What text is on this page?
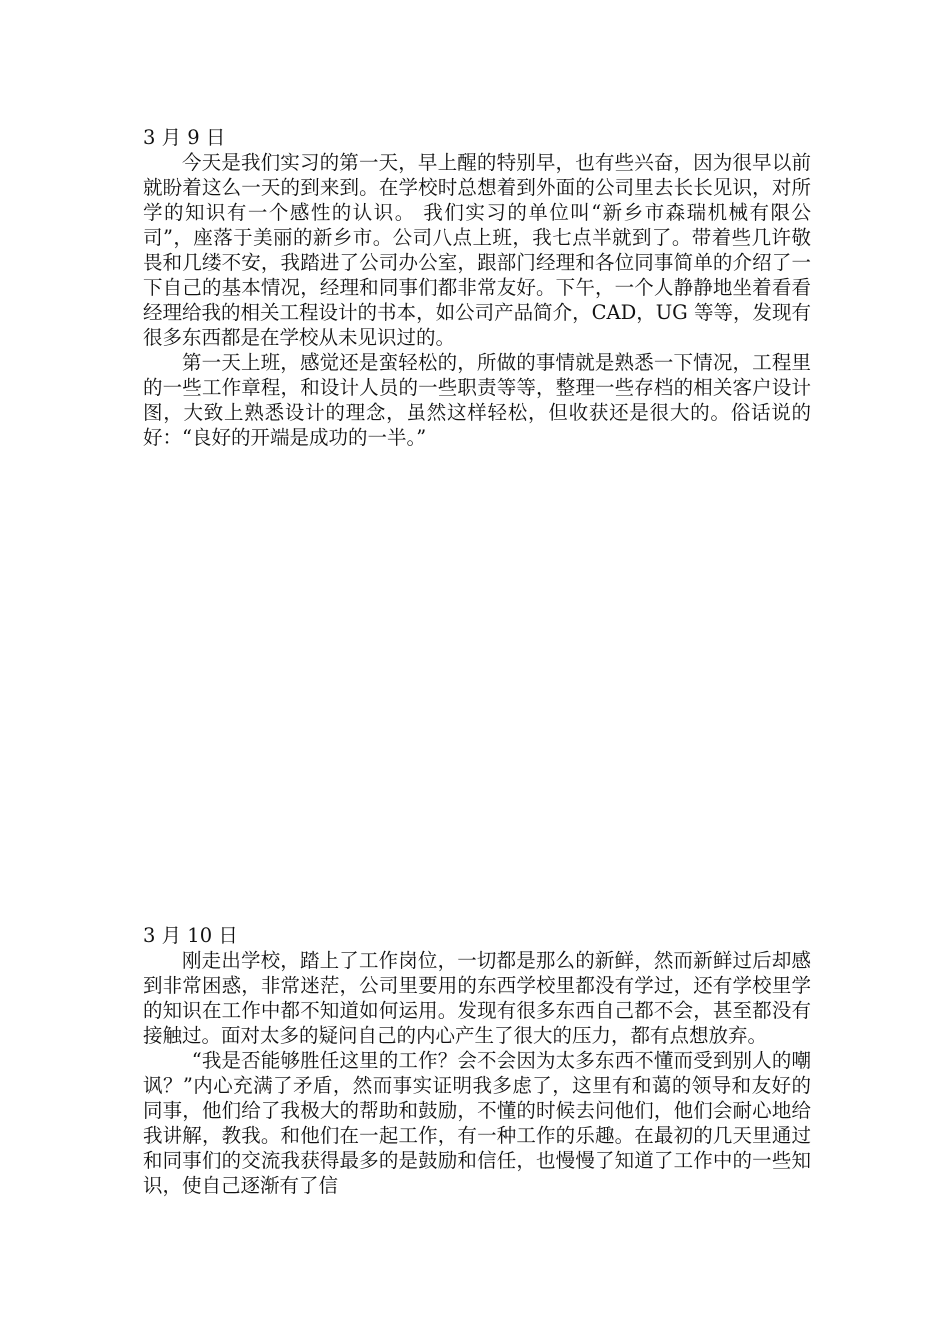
3 月 9 日

今天是我们实习的第一天，早上醒的特别早，也有些兴奋，因为很早以前就盼着这么一天的到来到。在学校时总想着到外面的公司里去长长见识，对所学的知识有一个感性的认识。 我们实习的单位叫“新乡市森瑞机械有限公司”，座落于美丽的新乡市。公司八点上班，我七点半就到了。带着些几许敬畏和几缕不安，我踏进了公司办公室，跟部门经理和各位同事简单的介绍了一下自己的基本情况，经理和同事们都非常友好。下午，一个人静静地坐着看看经理给我的相关工程设计的书本，如公司产品简介，CAD，UG 等等，发现有很多东西都是在学校从未见识过的。

第一天上班，感觉还是蛮轻松的，所做的事情就是熟悉一下情况，工程里的一些工作章程，和设计人员的一些职责等等，整理一些存档的相关客户设计图，大致上熟悉设计的理念，虽然这样轻松，但收获还是很大的。俗话说的好：“良好的开端是成功的一半。”

3 月 10 日

刚走出学校，踏上了工作岗位，一切都是那么的新鲜，然而新鲜过后却感到非常困惑，非常迷茫，公司里要用的东西学校里都没有学过，还有学校里学的知识在工作中都不知道如何运用。发现有很多东西自己都不会，甚至都没有接触过。面对太多的疑问自己的内心产生了很大的压力，都有点想放弃。

“我是否能够胜任这里的工作？会不会因为太多东西不懂而受到别人的嘲讽？”内心充满了矛盾，然而事实证明我多虑了，这里有和蔼的领导和友好的同事，他们给了我极大的帮助和鼓励，不懂的时候去问他们，他们会耐心地给我讲解，教我。和他们在一起工作，有一种工作的乐趣。在最初的几天里通过和同事们的交流我获得最多的是鼓励和信任，也慢慢了知道了工作中的一些知识，使自己逐渐有了信
